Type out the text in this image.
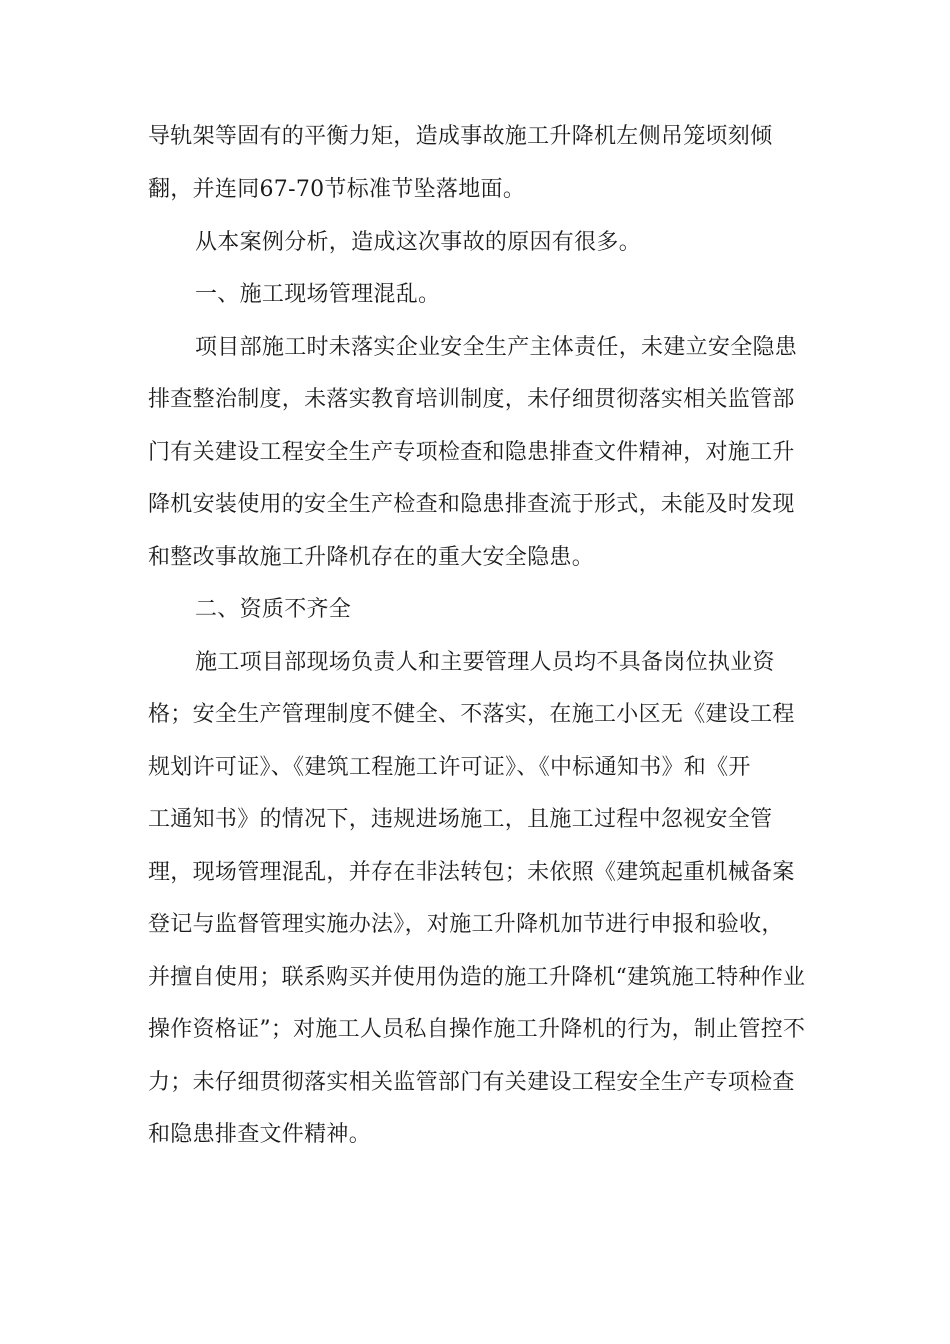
导轨架等固有的平衡力矩，造成事故施工升降机左侧吊笼顷刻倾
翻，并连同67-70节标准节坠落地面。
从本案例分析，造成这次事故的原因有很多。
一、施工现场管理混乱。
项目部施工时未落实企业安全生产主体责任，未建立安全隐患
排查整治制度，未落实教育培训制度，未仔细贯彻落实相关监管部
门有关建设工程安全生产专项检查和隐患排查文件精神，对施工升
降机安装使用的安全生产检查和隐患排查流于形式，未能及时发现
和整改事故施工升降机存在的重大安全隐患。
二、资质不齐全
施工项目部现场负责人和主要管理人员均不具备岗位执业资
格；安全生产管理制度不健全、不落实，在施工小区无《建设工程
规划许可证》、《建筑工程施工许可证》、《中标通知书》和《开
工通知书》的情况下，违规进场施工，且施工过程中忽视安全管
理，现场管理混乱，并存在非法转包；未依照《建筑起重机械备案
登记与监督管理实施办法》，对施工升降机加节进行申报和验收，
并擅自使用；联系购买并使用伪造的施工升降机“建筑施工特种作业
操作资格证”；对施工人员私自操作施工升降机的行为，制止管控不
力；未仔细贯彻落实相关监管部门有关建设工程安全生产专项检查
和隐患排查文件精神。
